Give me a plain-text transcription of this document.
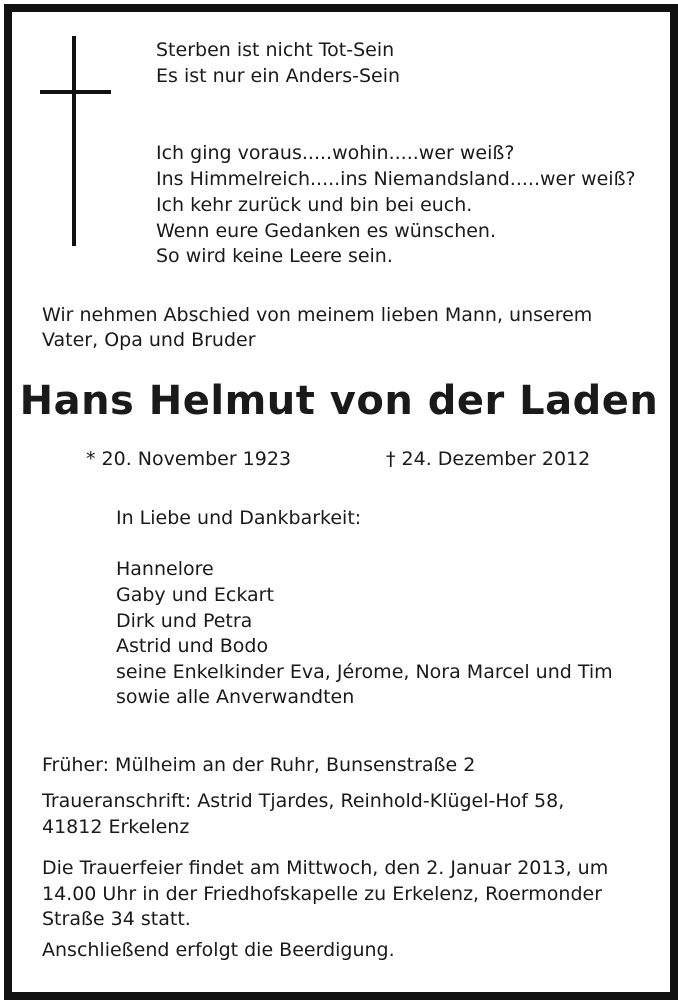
Sterben ist nicht Tot-Sein
Es ist nur ein Anders-Sein
Ich ging voraus.....wohin.....wer weiß?
Ins Himmelreich.....ins Niemandsland.....wer weiß?
Ich kehr zurück und bin bei euch.
Wenn eure Gedanken es wünschen.
So wird keine Leere sein.
Wir nehmen Abschied von meinem lieben Mann, unserem
Vater, Opa und Bruder
Hans Helmut von der Laden
* 20. November 1923	† 24. Dezember 2012
In Liebe und Dankbarkeit:
Hannelore
Gaby und Eckart
Dirk und Petra
Astrid und Bodo
seine Enkelkinder Eva, Jérome, Nora Marcel und Tim
sowie alle Anverwandten
Früher: Mülheim an der Ruhr, Bunsenstraße 2
Traueranschrift: Astrid Tjardes, Reinhold-Klügel-Hof 58,
41812 Erkelenz
Die Trauerfeier findet am Mittwoch, den 2. Januar 2013, um
14.00 Uhr in der Friedhofskapelle zu Erkelenz, Roermonder
Straße 34 statt.
Anschließend erfolgt die Beerdigung.
